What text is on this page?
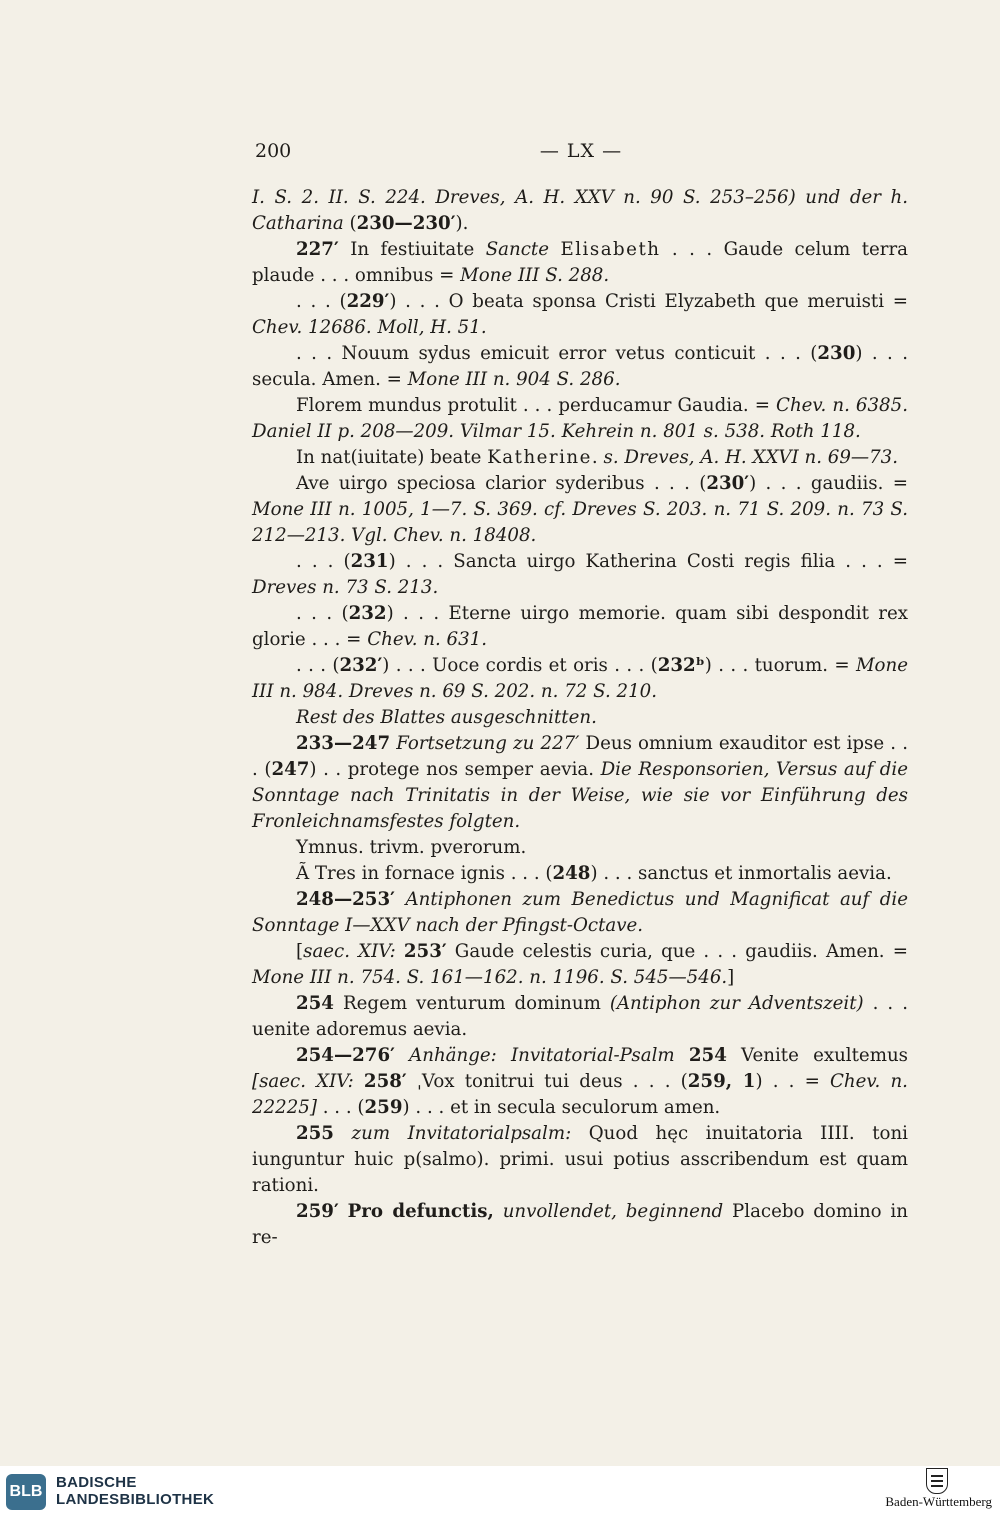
200	— LX —

I. S. 2. II. S. 224. Dreves, A. H. XXV n. 90 S. 253–256) und der h. Catharina (230—230′).

227′ In festiuitate Sancte Elisabeth . . . Gaude celum terra plaude . . . omnibus = Mone III S. 288.

. . . (229′) . . . O beata sponsa Cristi Elyzabeth que meruisti = Chev. 12686. Moll, H. 51.

. . . Nouum sydus emicuit error vetus conticuit . . . (230) . . . secula. Amen. = Mone III n. 904 S. 286.

Florem mundus protulit . . . perducamur Gaudia. = Chev. n. 6385. Daniel II p. 208—209. Vilmar 15. Kehrein n. 801 s. 538. Roth 118.

In nat(iuitate) beate Katherine. s. Dreves, A. H. XXVI n. 69—73.

Ave uirgo speciosa clarior syderibus . . . (230′) . . . gaudiis. = Mone III n. 1005, 1—7. S. 369. cf. Dreves S. 203. n. 71 S. 209. n. 73 S. 212—213. Vgl. Chev. n. 18408.

. . . (231) . . . Sancta uirgo Katherina Costi regis filia . . . = Dreves n. 73 S. 213.

. . . (232) . . . Eterne uirgo memorie. quam sibi despondit rex glorie . . . = Chev. n. 631.

. . . (232′) . . . Uoce cordis et oris . . . (232ᵇ) . . . tuorum. = Mone III n. 984. Dreves n. 69 S. 202. n. 72 S. 210.

Rest des Blattes ausgeschnitten.

233—247 Fortsetzung zu 227′ Deus omnium exauditor est ipse . . . (247) . . protege nos semper aevia. Die Responsorien, Versus auf die Sonntage nach Trinitatis in der Weise, wie sie vor Einführung des Fronleichnamsfestes folgten.

Ymnus. trivm. pverorum.

Ã Tres in fornace ignis . . . (248) . . . sanctus et inmortalis aevia.

248—253′ Antiphonen zum Benedictus und Magnificat auf die Sonntage I—XXV nach der Pfingst-Octave.

[saec. XIV: 253′ Gaude celestis curia, que . . . gaudiis. Amen. = Mone III n. 754. S. 161—162. n. 1196. S. 545—546.]

254 Regem venturum dominum (Antiphon zur Adventszeit) . . . uenite adoremus aevia.

254—276′ Anhänge: Invitatorial-Psalm 254 Venite exultemus [saec. XIV: 258′ ˌVox tonitrui tui deus . . . (259, 1) . . = Chev. n. 22225] . . . (259) . . . et in secula seculorum amen.

255 zum Invitatorialpsalm: Quod hęc inuitatoria IIII. toni iunguntur huic p(salmo). primi. usui potius asscribendum est quam rationi.

259′ Pro defunctis, unvollendet, beginnend Placebo domino in re-

BLB
BADISCHE
LANDESBIBLIOTHEK	Baden-Württemberg
